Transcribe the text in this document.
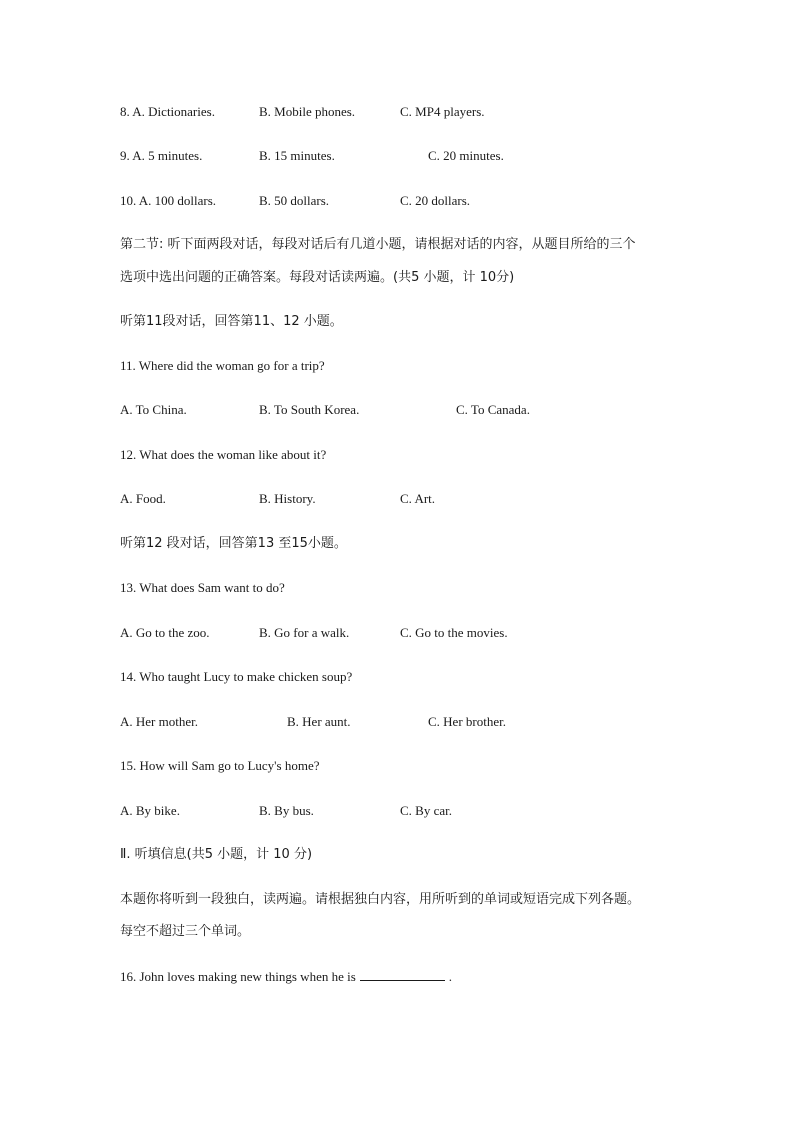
8. A. Dictionaries.	B. Mobile phones.	C. MP4 players.
9. A. 5 minutes.	B. 15 minutes.	C. 20 minutes.
10. A. 100 dollars.	B. 50 dollars.	C. 20 dollars.
第二节: 听下面两段对话，每段对话后有几道小题，请根据对话的内容，从题目所给的三个
选项中选出问题的正确答案。每段对话读两遍。(共5 小题，计 10分)
听第11段对话，回答第11、12 小题。
11. Where did the woman go for a trip?
A. To China.	B. To South Korea.	C. To Canada.
12. What does the woman like about it?
A. Food.	B. History.	C. Art.
听第12 段对话，回答第13 至15小题。
13. What does Sam want to do?
A. Go to the zoo.	B. Go for a walk.	C. Go to the movies.
14. Who taught Lucy to make chicken soup?
A. Her mother.	B. Her aunt.	C. Her brother.
15. How will Sam go to Lucy's home?
A. By bike.	B. By bus.	C. By car.
Ⅱ. 听填信息(共5 小题，计 10 分)
本题你将听到一段独白，读两遍。请根据独白内容，用所听到的单词或短语完成下列各题。
每空不超过三个单词。
16. John loves making new things when he is	.
